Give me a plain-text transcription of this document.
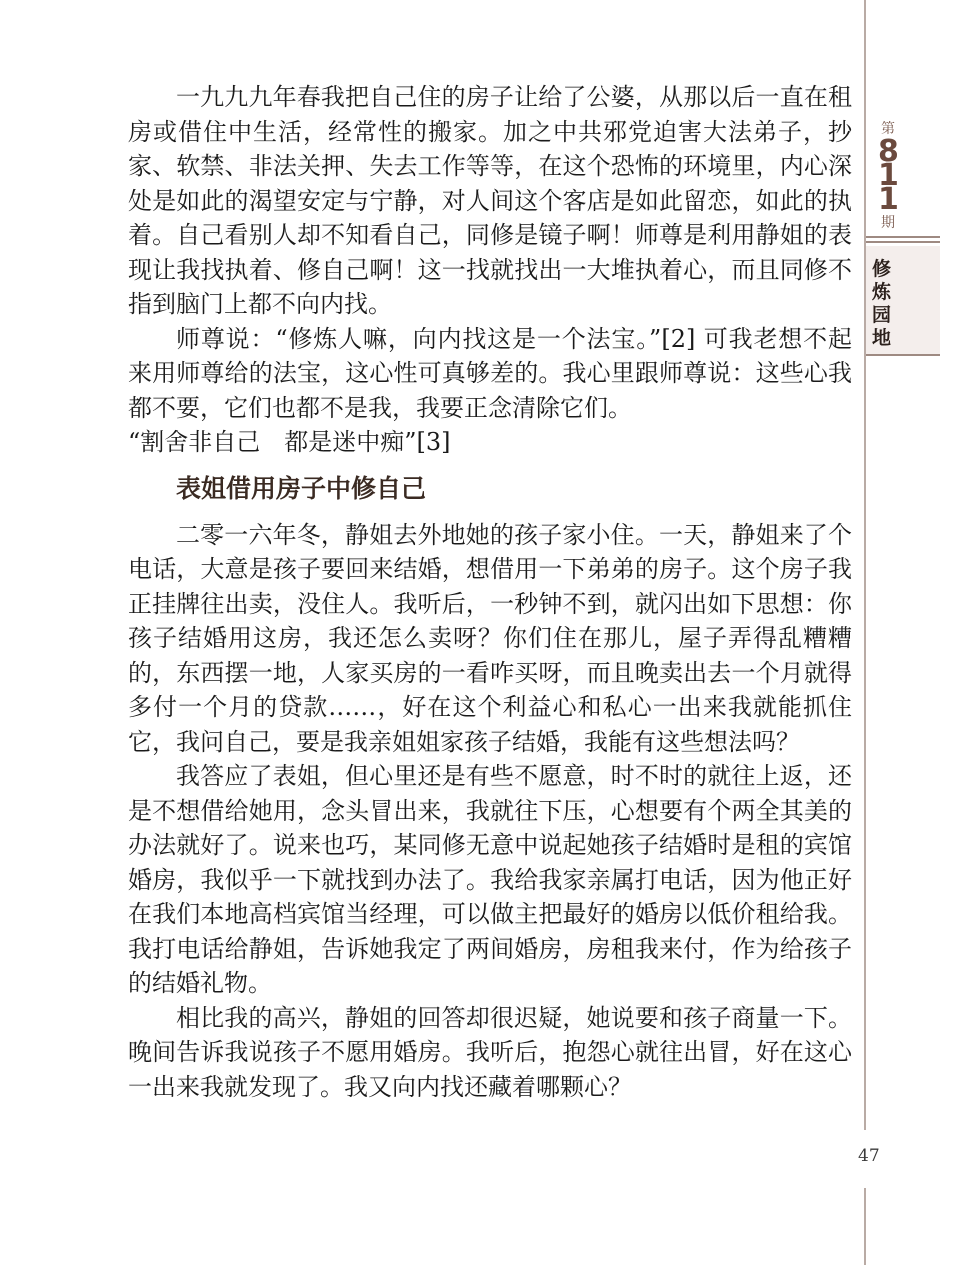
一九九九年春我把自己住的房子让给了公婆，从那以后一直在租房或借住中生活，经常性的搬家。加之中共邪党迫害大法弟子，抄家、软禁、非法关押、失去工作等等，在这个恐怖的环境里，内心深处是如此的渴望安定与宁静，对人间这个客店是如此留恋，如此的执着。自己看别人却不知看自己，同修是镜子啊！师尊是利用静姐的表现让我找执着、修自己啊！这一找就找出一大堆执着心，而且同修不指到脑门上都不向内找。

师尊说：“修炼人嘛，向内找这是一个法宝。”[2] 可我老想不起来用师尊给的法宝，这心性可真够差的。我心里跟师尊说：这些心我都不要，它们也都不是我，我要正念清除它们。

“割舍非自己　都是迷中痴”[3]

表姐借用房子中修自己

二零一六年冬，静姐去外地她的孩子家小住。一天，静姐来了个电话，大意是孩子要回来结婚，想借用一下弟弟的房子。这个房子我正挂牌往出卖，没住人。我听后，一秒钟不到，就闪出如下思想：你孩子结婚用这房，我还怎么卖呀？你们住在那儿，屋子弄得乱糟糟的，东西摆一地，人家买房的一看咋买呀，而且晚卖出去一个月就得多付一个月的贷款……，好在这个利益心和私心一出来我就能抓住它，我问自己，要是我亲姐姐家孩子结婚，我能有这些想法吗？

我答应了表姐，但心里还是有些不愿意，时不时的就往上返，还是不想借给她用，念头冒出来，我就往下压，心想要有个两全其美的办法就好了。说来也巧，某同修无意中说起她孩子结婚时是租的宾馆婚房，我似乎一下就找到办法了。我给我家亲属打电话，因为他正好在我们本地高档宾馆当经理，可以做主把最好的婚房以低价租给我。我打电话给静姐，告诉她我定了两间婚房，房租我来付，作为给孩子的结婚礼物。

相比我的高兴，静姐的回答却很迟疑，她说要和孩子商量一下。晚间告诉我说孩子不愿用婚房。我听后，抱怨心就往出冒，好在这心一出来我就发现了。我又向内找还藏着哪颗心？

第
811
期
修炼园地
47
